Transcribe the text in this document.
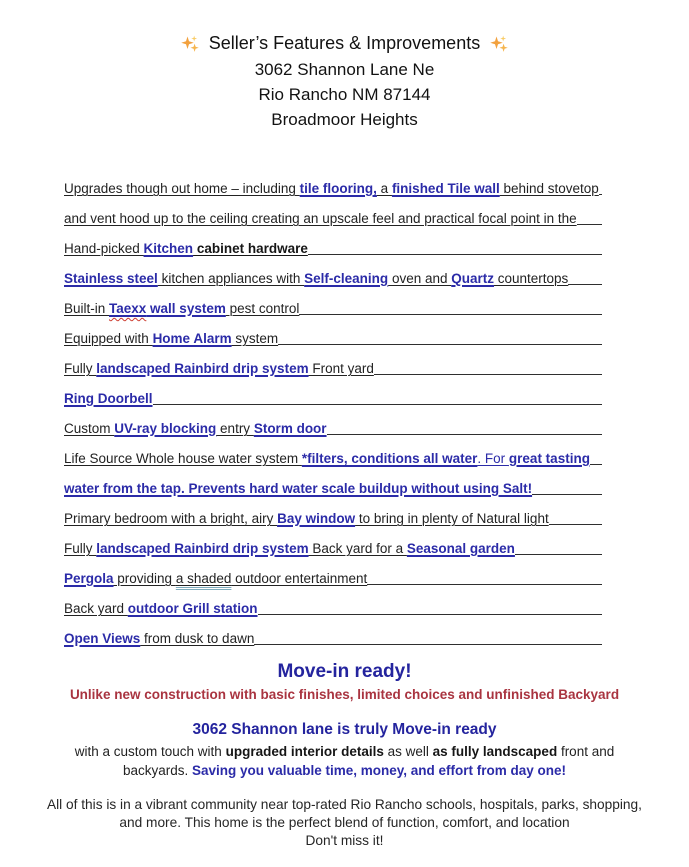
Seller’s Features & Improvements
3062 Shannon Lane Ne
Rio Rancho NM 87144
Broadmoor Heights
Upgrades though out home – including tile flooring, a finished Tile wall behind stovetop
and vent hood up to the ceiling creating an upscale feel and practical focal point in the
Hand-picked Kitchen cabinet hardware
Stainless steel kitchen appliances with Self-cleaning oven and Quartz countertops
Built-in Taexx wall system pest control
Equipped with Home Alarm system
Fully landscaped Rainbird drip system Front yard
Ring Doorbell
Custom UV-ray blocking entry Storm door
Life Source Whole house water system *filters, conditions all water. For great tasting
water from the tap. Prevents hard water scale buildup without using Salt!
Primary bedroom with a bright, airy Bay window to bring in plenty of Natural light
Fully landscaped Rainbird drip system Back yard for a Seasonal garden
Pergola providing a shaded outdoor entertainment
Back yard outdoor Grill station
Open Views from dusk to dawn
Move-in ready!
Unlike new construction with basic finishes, limited choices and unfinished Backyard
3062 Shannon lane is truly Move-in ready
with a custom touch with upgraded interior details as well as fully landscaped front and
backyards. Saving you valuable time, money, and effort from day one!
All of this is in a vibrant community near top-rated Rio Rancho schools, hospitals, parks, shopping,
and more. This home is the perfect blend of function, comfort, and location
Don't miss it!
